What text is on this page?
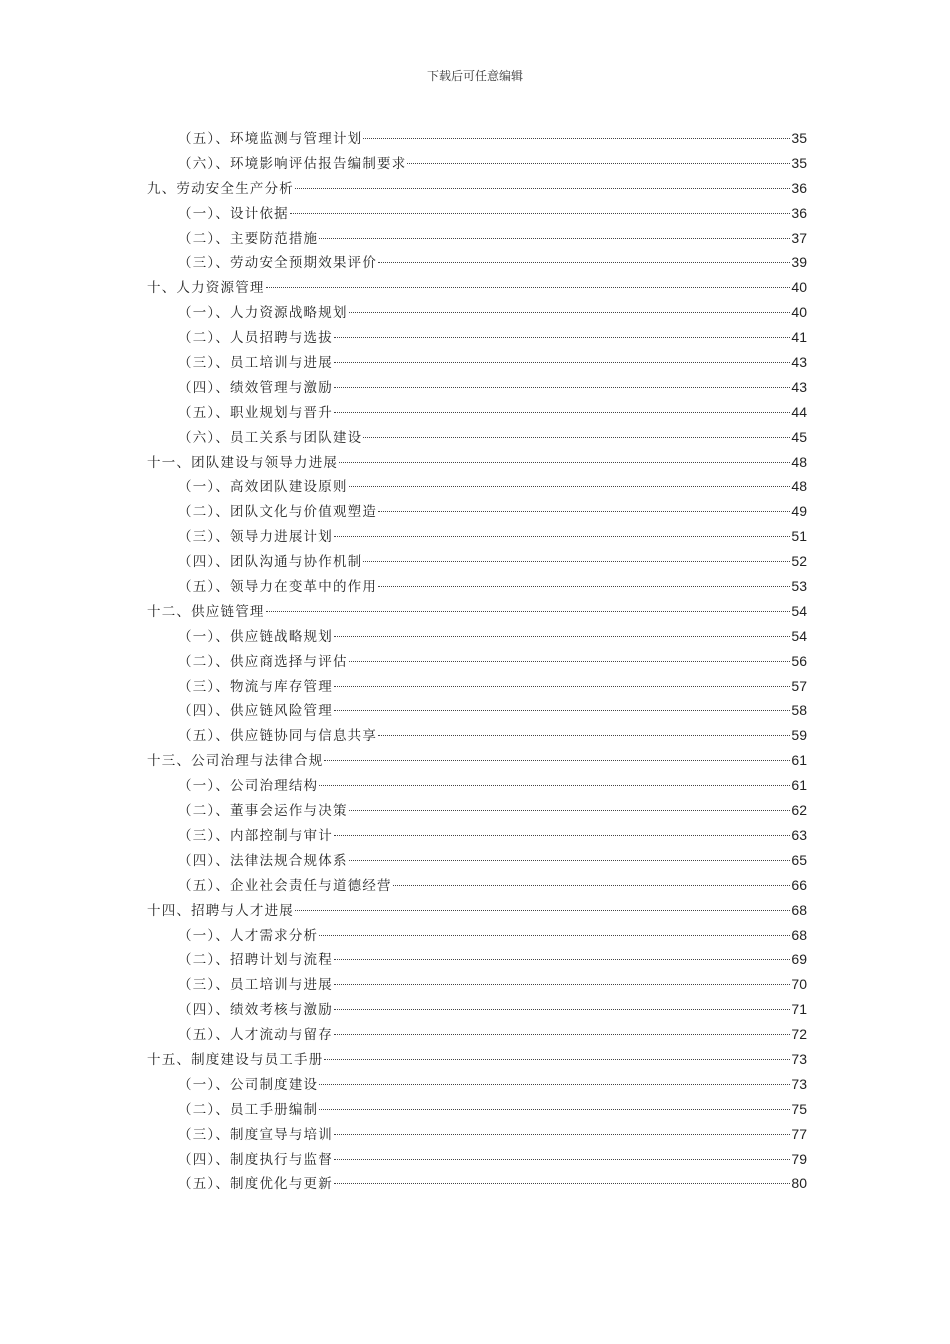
下载后可任意编辑
（五）、环境监测与管理计划	35
（六）、环境影响评估报告编制要求	35
九、劳动安全生产分析	36
（一）、设计依据	36
（二）、主要防范措施	37
（三）、劳动安全预期效果评价	39
十、人力资源管理	40
（一）、人力资源战略规划	40
（二）、人员招聘与选拔	41
（三）、员工培训与进展	43
（四）、绩效管理与激励	43
（五）、职业规划与晋升	44
（六）、员工关系与团队建设	45
十一、团队建设与领导力进展	48
（一）、高效团队建设原则	48
（二）、团队文化与价值观塑造	49
（三）、领导力进展计划	51
（四）、团队沟通与协作机制	52
（五）、领导力在变革中的作用	53
十二、供应链管理	54
（一）、供应链战略规划	54
（二）、供应商选择与评估	56
（三）、物流与库存管理	57
（四）、供应链风险管理	58
（五）、供应链协同与信息共享	59
十三、公司治理与法律合规	61
（一）、公司治理结构	61
（二）、董事会运作与决策	62
（三）、内部控制与审计	63
（四）、法律法规合规体系	65
（五）、企业社会责任与道德经营	66
十四、招聘与人才进展	68
（一）、人才需求分析	68
（二）、招聘计划与流程	69
（三）、员工培训与进展	70
（四）、绩效考核与激励	71
（五）、人才流动与留存	72
十五、制度建设与员工手册	73
（一）、公司制度建设	73
（二）、员工手册编制	75
（三）、制度宣导与培训	77
（四）、制度执行与监督	79
（五）、制度优化与更新	80
